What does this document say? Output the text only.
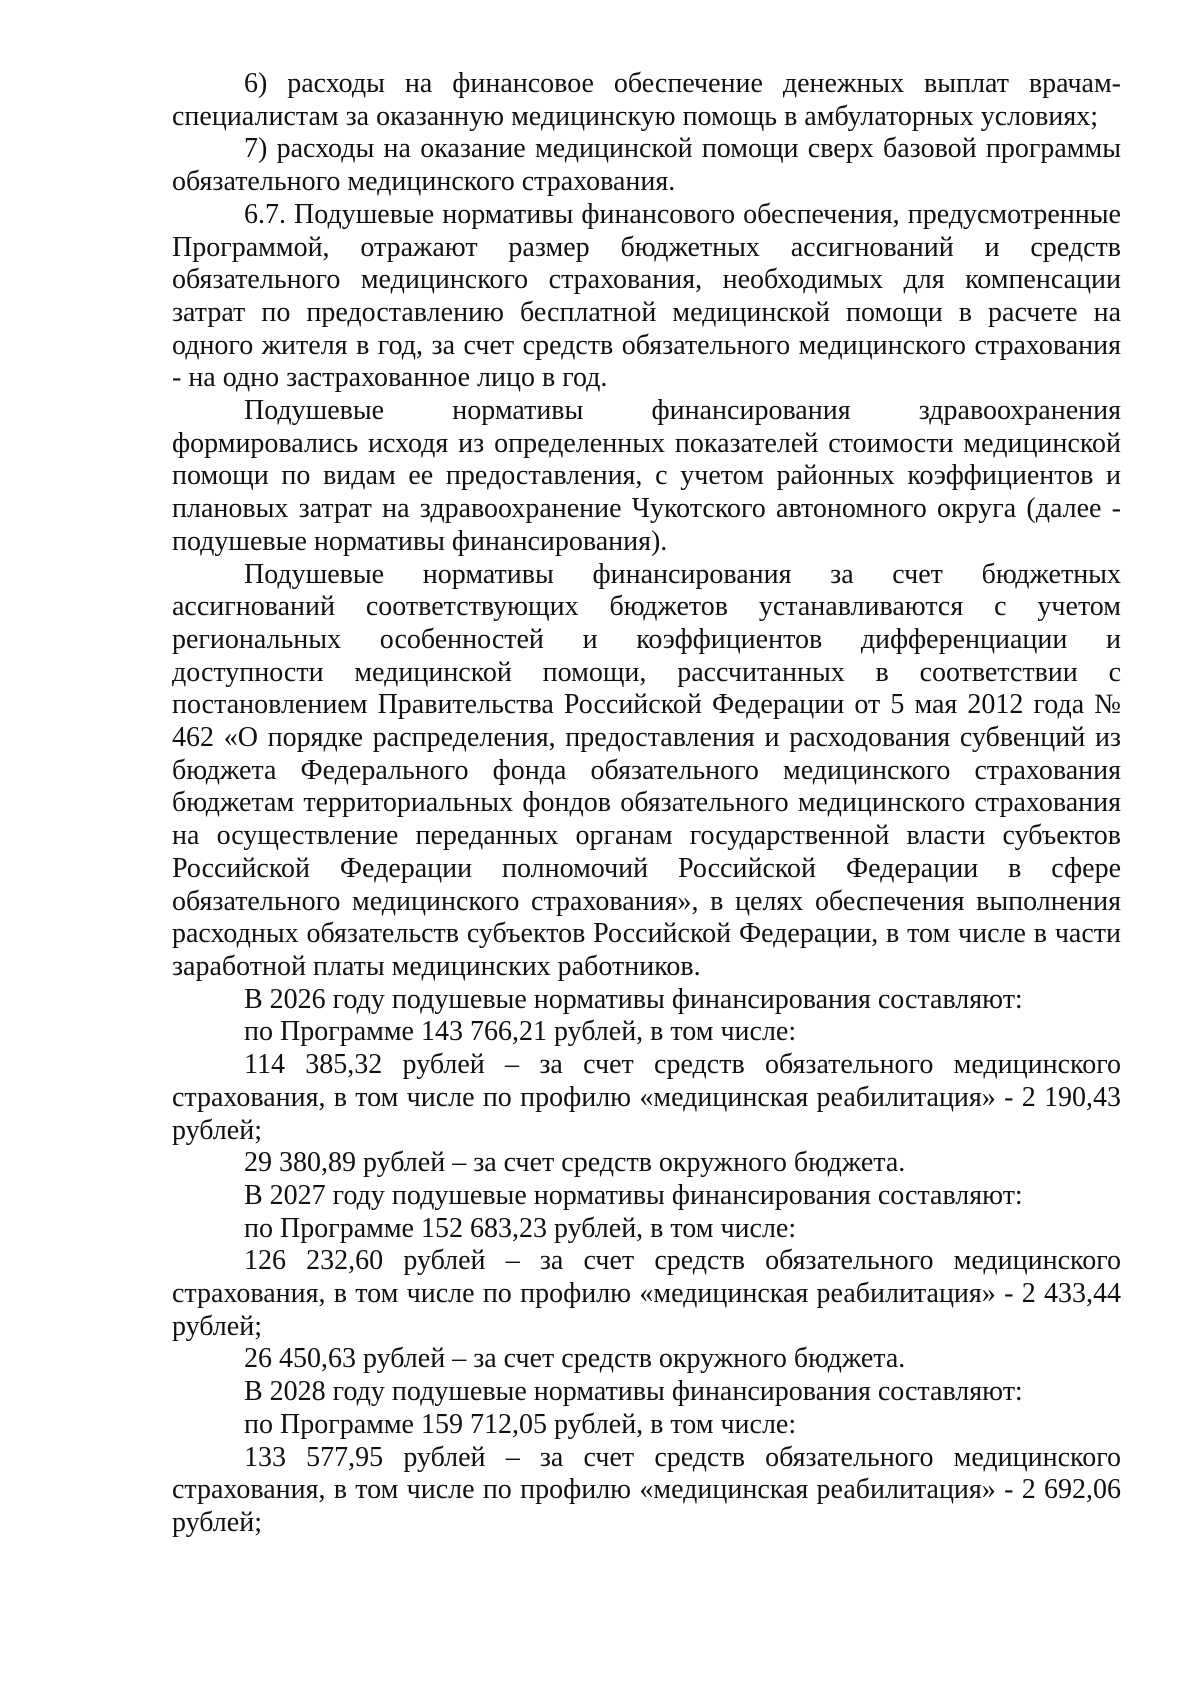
6) расходы на финансовое обеспечение денежных выплат врачам-специалистам за оказанную медицинскую помощь в амбулаторных условиях;

7) расходы на оказание медицинской помощи сверх базовой программы обязательного медицинского страхования.

6.7. Подушевые нормативы финансового обеспечения, предусмотренные Программой, отражают размер бюджетных ассигнований и средств обязательного медицинского страхования, необходимых для компенсации затрат по предоставлению бесплатной медицинской помощи в расчете на одного жителя в год, за счет средств обязательного медицинского страхования - на одно застрахованное лицо в год.

Подушевые нормативы финансирования здравоохранения формировались исходя из определенных показателей стоимости медицинской помощи по видам ее предоставления, с учетом районных коэффициентов и плановых затрат на здравоохранение Чукотского автономного округа (далее - подушевые нормативы финансирования).

Подушевые нормативы финансирования за счет бюджетных ассигнований соответствующих бюджетов устанавливаются с учетом региональных особенностей и коэффициентов дифференциации и доступности медицинской помощи, рассчитанных в соответствии с постановлением Правительства Российской Федерации от 5 мая 2012 года № 462 «О порядке распределения, предоставления и расходования субвенций из бюджета Федерального фонда обязательного медицинского страхования бюджетам территориальных фондов обязательного медицинского страхования на осуществление переданных органам государственной власти субъектов Российской Федерации полномочий Российской Федерации в сфере обязательного медицинского страхования», в целях обеспечения выполнения расходных обязательств субъектов Российской Федерации, в том числе в части заработной платы медицинских работников.

В 2026 году подушевые нормативы финансирования составляют:

по Программе 143 766,21 рублей, в том числе:

114 385,32 рублей – за счет средств обязательного медицинского страхования, в том числе по профилю «медицинская реабилитация» - 2 190,43 рублей;

29 380,89 рублей – за счет средств окружного бюджета.

В 2027 году подушевые нормативы финансирования составляют:

по Программе 152 683,23 рублей, в том числе:

126 232,60 рублей – за счет средств обязательного медицинского страхования, в том числе по профилю «медицинская реабилитация» - 2 433,44 рублей;

26 450,63 рублей – за счет средств окружного бюджета.

В 2028 году подушевые нормативы финансирования составляют:

по Программе 159 712,05 рублей, в том числе:

133 577,95 рублей – за счет средств обязательного медицинского страхования, в том числе по профилю «медицинская реабилитация» - 2 692,06 рублей;
